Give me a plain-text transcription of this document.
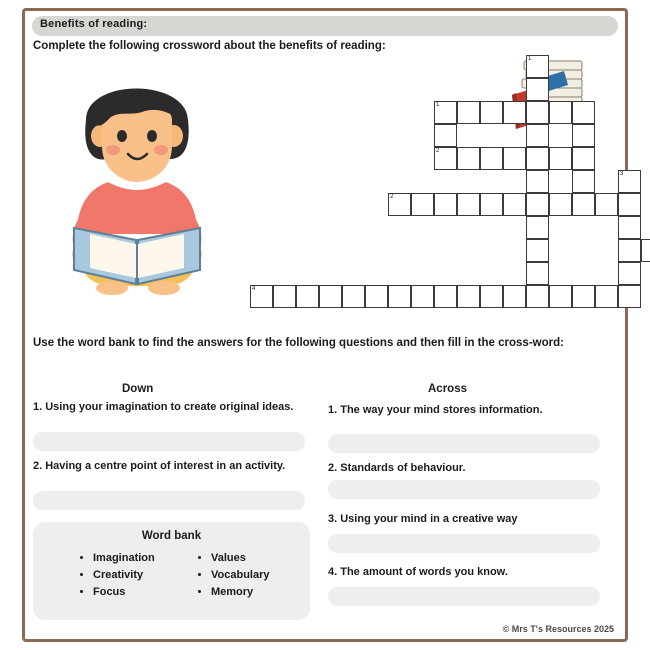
Benefits of reading:
Complete the following crossword about the benefits of reading:
1
1
2
3
2
4
Use the word bank to find the answers for the following questions and then fill in the cross-word:
Down
1. Using your imagination to create original ideas.
2. Having a centre point of interest in an activity.
Across
1. The way your mind stores information.
2. Standards of behaviour.
3. Using your mind in a creative way
4. The amount of words you know.
Word bank
• Imagination
• Creativity
• Focus
• Values
• Vocabulary
• Memory
© Mrs T's Resources 2025
